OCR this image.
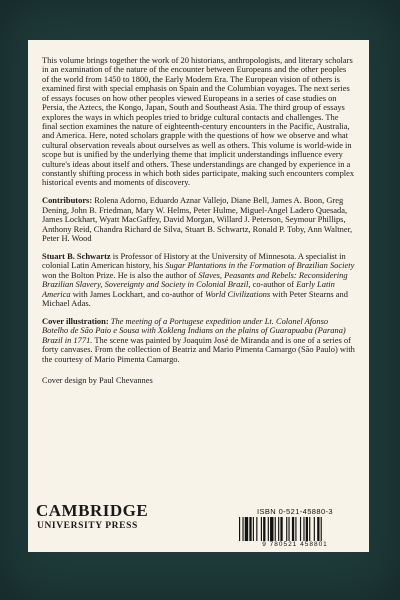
This volume brings together the work of 20 historians, anthropologists, and literary scholars in an examination of the nature of the encounter between Europeans and the other peoples of the world from 1450 to 1800, the Early Modern Era. The European vision of others is examined first with special emphasis on Spain and the Columbian voyages. The next series of essays focuses on how other peoples viewed Europeans in a series of case studies on Persia, the Aztecs, the Kongo, Japan, South and Southeast Asia. The third group of essays explores the ways in which peoples tried to bridge cultural contacts and challenges. The final section examines the nature of eighteenth-century encounters in the Pacific, Australia, and America. Here, noted scholars grapple with the questions of how we observe and what cultural observation reveals about ourselves as well as others. This volume is world-wide in scope but is unified by the underlying theme that implicit understandings influence every culture's ideas about itself and others. These understandings are changed by experience in a constantly shifting process in which both sides participate, making such encounters complex historical events and moments of discovery.

Contributors: Rolena Adorno, Eduardo Aznar Vallejo, Diane Bell, James A. Boon, Greg Dening, John B. Friedman, Mary W. Helms, Peter Hulme, Miguel-Angel Ladero Quesada, James Lockhart, Wyatt MacGaffey, David Morgan, Willard J. Peterson, Seymour Phillips, Anthony Reid, Chandra Richard de Silva, Stuart B. Schwartz, Ronald P. Toby, Ann Waltner, Peter H. Wood

Stuart B. Schwartz is Professor of History at the University of Minnesota. A specialist in colonial Latin American history, his Sugar Plantations in the Formation of Brazilian Society won the Bolton Prize. He is also the author of Slaves, Peasants and Rebels: Reconsidering Brazilian Slavery, Sovereignty and Society in Colonial Brazil, co-author of Early Latin America with James Lockhart, and co-author of World Civilizations with Peter Stearns and Michael Adas.

Cover illustration: The meeting of a Portugese expedition under Lt. Colonel Afonso Botelho de São Paio e Sousa with Xokleng Indians on the plains of Guarapuaba (Parana) Brazil in 1771. The scene was painted by Joaquim José de Miranda and is one of a series of forty canvases. From the collection of Beatriz and Mario Pimenta Camargo (São Paulo) with the courtesy of Mario Pimenta Camargo.

Cover design by Paul Chevannes
CAMBRIDGE
UNIVERSITY PRESS
ISBN 0-521-45880-3
9 780521 458801
